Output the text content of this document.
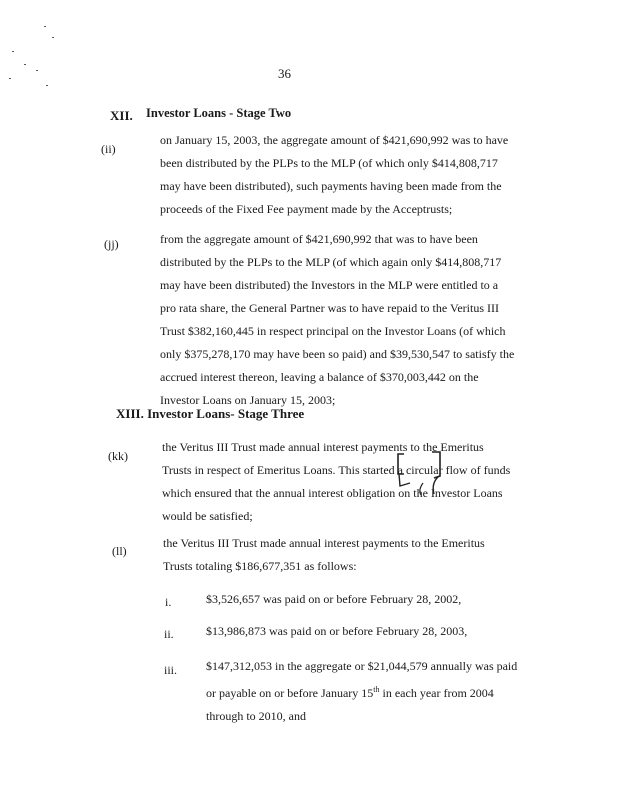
36
XII. Investor Loans - Stage Two
(ii)
on January 15, 2003, the aggregate amount of $421,690,992 was to have
been distributed by the PLPs to the MLP (of which only $414,808,717
may have been distributed), such payments having been made from the
proceeds of the Fixed Fee payment made by the Acceptrusts;
(jj)	from the aggregate amount of $421,690,992 that was to have been
distributed by the PLPs to the MLP (of which again only $414,808,717
may have been distributed) the Investors in the MLP were entitled to a
pro rata share, the General Partner was to have repaid to the Veritus III
Trust $382,160,445 in respect principal on the Investor Loans (of which
only $375,278,170 may have been so paid) and $39,530,547 to satisfy the
accrued interest thereon, leaving a balance of $370,003,442 on the
Investor Loans on January 15, 2003;
XIII. Investor Loans- Stage Three
(kk)
the Veritus III Trust made annual interest payments to the Emeritus
Trusts in respect of Emeritus Loans. This started a circular flow of funds
which ensured that the annual interest obligation on the Investor Loans
would be satisfied;
(ll)
the Veritus III Trust made annual interest payments to the Emeritus
Trusts totaling $186,677,351 as follows:
i.	$3,526,657 was paid on or before February 28, 2002,
ii.	$13,986,873 was paid on or before February 28, 2003,
iii. $147,312,053 in the aggregate or $21,044,579 annually was paid
or payable on or before January 15th in each year from 2004
through to 2010, and
